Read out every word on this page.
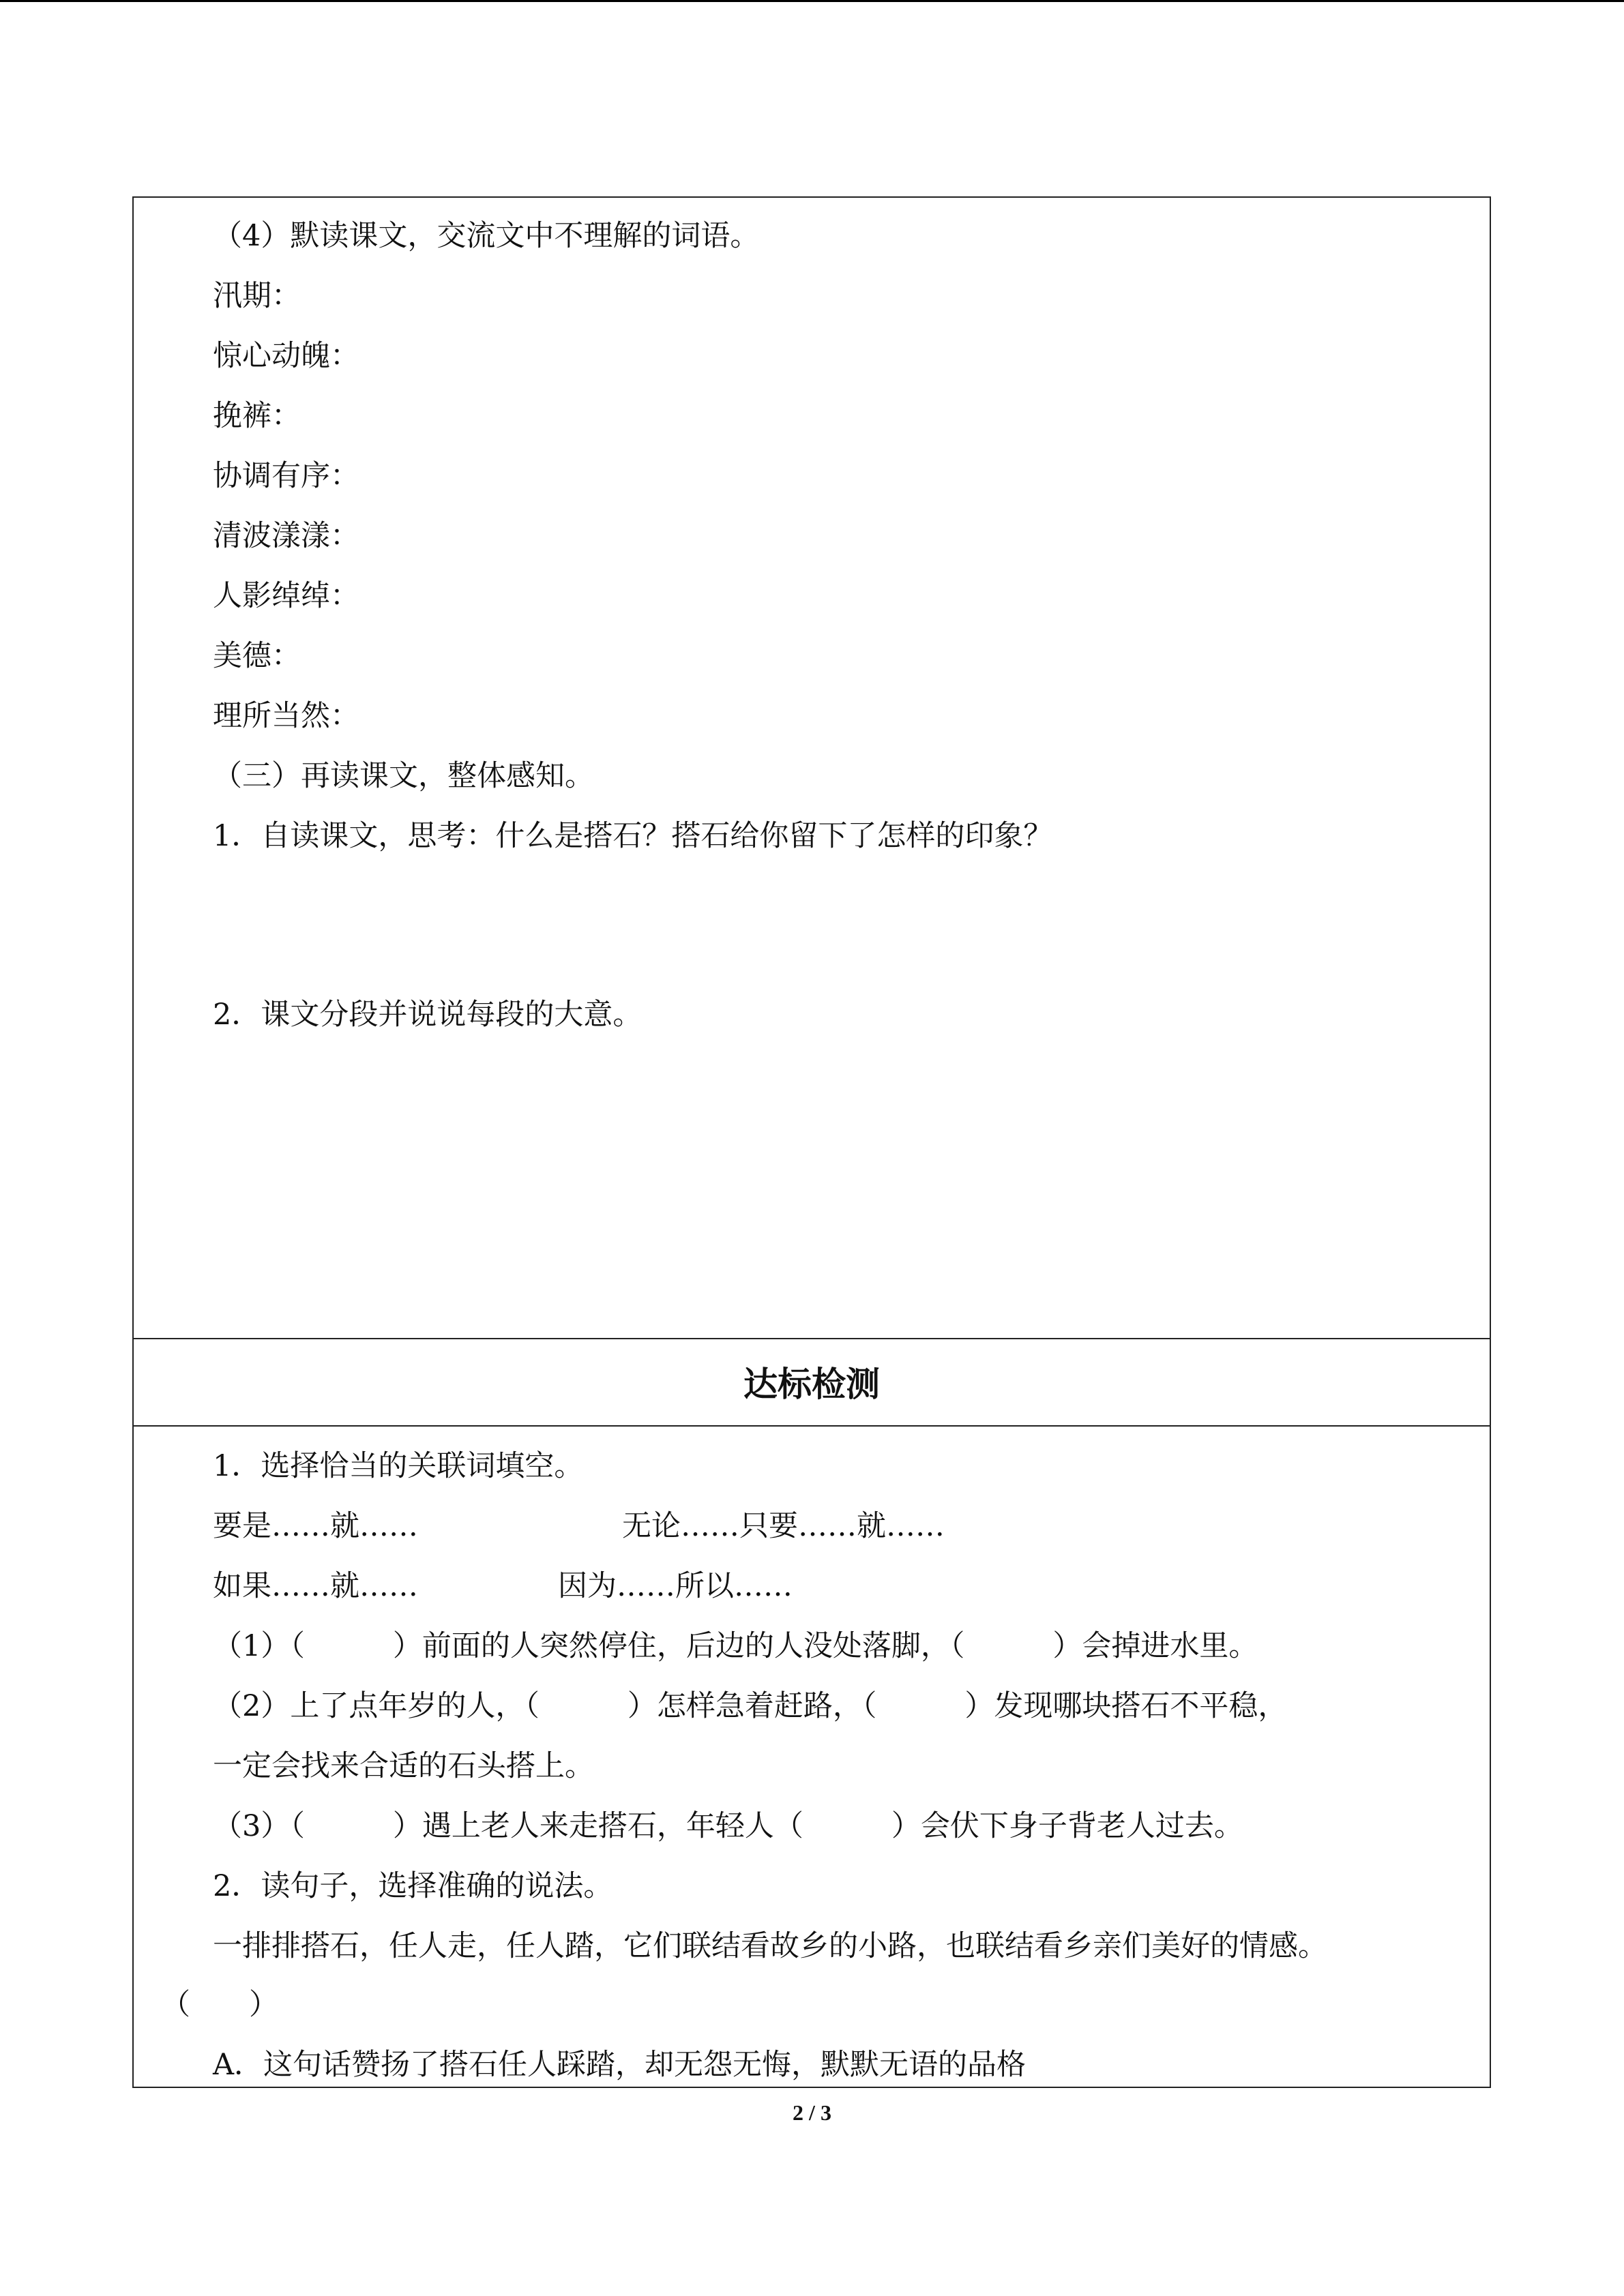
（4）默读课文，交流文中不理解的词语。
汛期：
惊心动魄：
挽裤：
协调有序：
清波漾漾：
人影绰绰：
美德：
理所当然：
（三）再读课文，整体感知。
1．自读课文，思考：什么是搭石？搭石给你留下了怎样的印象？
2．课文分段并说说每段的大意。
达标检测
1．选择恰当的关联词填空。
要是……就……	无论……只要……就……
如果……就……	因为……所以……
（1）（　　　）前面的人突然停住，后边的人没处落脚，（　　　）会掉进水里。
（2）上了点年岁的人，（　　　）怎样急着赶路，（　　　）发现哪块搭石不平稳，
一定会找来合适的石头搭上。
（3）（　　　）遇上老人来走搭石，年轻人（　　　）会伏下身子背老人过去。
2．读句子，选择准确的说法。
一排排搭石，任人走，任人踏，它们联结看故乡的小路，也联结看乡亲们美好的情感。
（　　）
A．这句话赞扬了搭石任人踩踏，却无怨无悔，默默无语的品格
2 / 3
